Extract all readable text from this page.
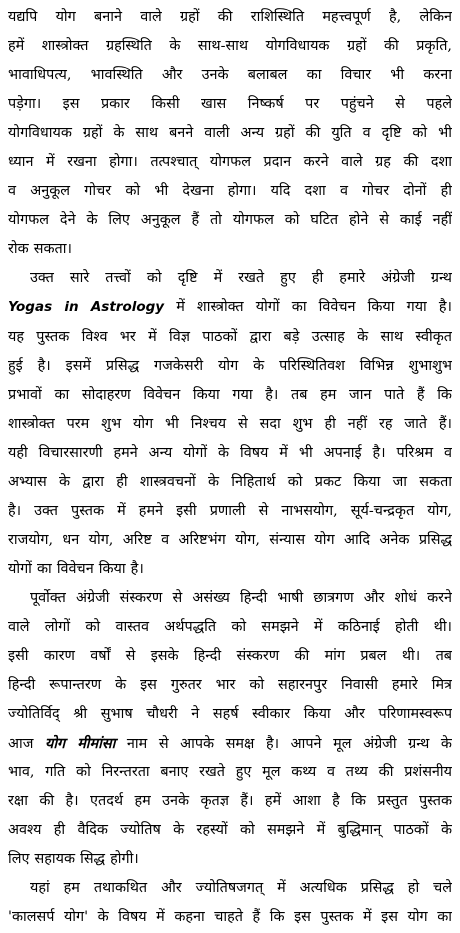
यद्यपि योग बनाने वाले ग्रहों की राशिस्थिति महत्त्वपूर्ण है, लेकिन
हमें शास्त्रोक्त ग्रहस्थिति के साथ-साथ योगविधायक ग्रहों की प्रकृति,
भावाधिपत्य, भावस्थिति और उनके बलाबल का विचार भी करना
पड़ेगा। इस प्रकार किसी खास निष्कर्ष पर पहुंचने से पहले
योगविधायक ग्रहों के साथ बनने वाली अन्य ग्रहों की युति व दृष्टि को भी
ध्यान में रखना होगा। तत्पश्चात् योगफल प्रदान करने वाले ग्रह की दशा
व अनुकूल गोचर को भी देखना होगा। यदि दशा व गोचर दोनों ही
योगफल देने के लिए अनुकूल हैं तो योगफल को घटित होने से काई नहीं
रोक सकता।

उक्त सारे तत्त्वों को दृष्टि में रखते हुए ही हमारे अंग्रेजी ग्रन्थ
Yogas in Astrology में शास्त्रोक्त योगों का विवेचन किया गया है।
यह पुस्तक विश्व भर में विज्ञ पाठकों द्वारा बड़े उत्साह के साथ स्वीकृत
हुई है। इसमें प्रसिद्ध गजकेसरी योग के परिस्थितिवश विभिन्न शुभाशुभ
प्रभावों का सोदाहरण विवेचन किया गया है। तब हम जान पाते हैं कि
शास्त्रोक्त परम शुभ योग भी निश्चय से सदा शुभ ही नहीं रह जाते हैं।
यही विचारसारणी हमने अन्य योगों के विषय में भी अपनाई है। परिश्रम व
अभ्यास के द्वारा ही शास्त्रवचनों के निहितार्थ को प्रकट किया जा सकता
है। उक्त पुस्तक में हमने इसी प्रणाली से नाभसयोग, सूर्य-चन्द्रकृत योग,
राजयोग, धन योग, अरिष्ट व अरिष्टभंग योग, संन्यास योग आदि अनेक प्रसिद्ध
योगों का विवेचन किया है।

पूर्वोक्त अंग्रेजी संस्करण से असंख्य हिन्दी भाषी छात्रगण और शोधं करने
वाले लोगों को वास्तव अर्थपद्धति को समझने में कठिनाई होती थी।
इसी कारण वर्षों से इसके हिन्दी संस्करण की मांग प्रबल थी। तब
हिन्दी रूपान्तरण के इस गुरुतर भार को सहारनपुर निवासी हमारे मित्र
ज्योतिर्विद् श्री सुभाष चौधरी ने सहर्ष स्वीकार किया और परिणामस्वरूप
आज योग मीमांसा नाम से आपके समक्ष है। आपने मूल अंग्रेजी ग्रन्थ के
भाव, गति को निरन्तरता बनाए रखते हुए मूल कथ्य व तथ्य की प्रशंसनीय
रक्षा की है। एतदर्थ हम उनके कृतज्ञ हैं। हमें आशा है कि प्रस्तुत पुस्तक
अवश्य ही वैदिक ज्योतिष के रहस्यों को समझने में बुद्धिमान् पाठकों के
लिए सहायक सिद्ध होगी।

यहां हम तथाकथित और ज्योतिषजगत् में अत्यधिक प्रसिद्ध हो चले
'कालसर्प योग' के विषय में कहना चाहते हैं कि इस पुस्तक में इस योग का
